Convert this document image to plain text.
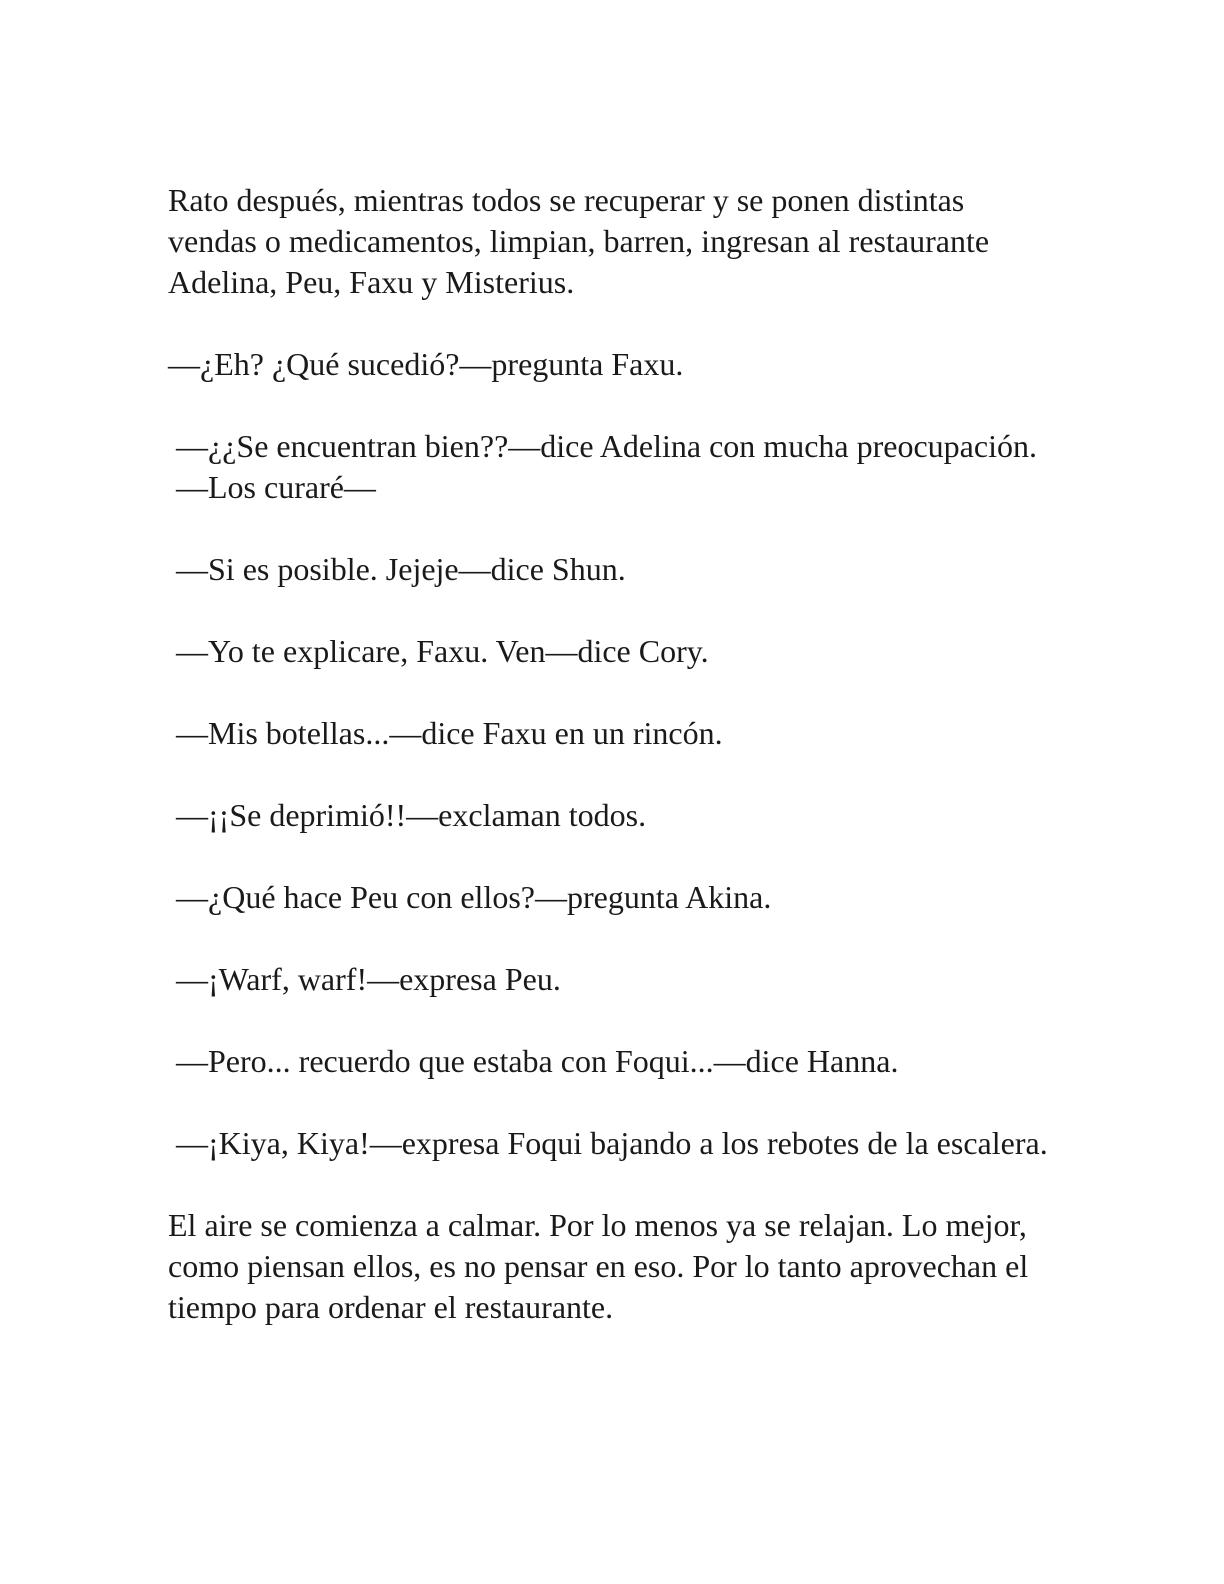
Rato después, mientras todos se recuperar y se ponen distintas vendas o medicamentos, limpian, barren, ingresan al restaurante Adelina, Peu, Faxu y Misterius.

—¿Eh? ¿Qué sucedió?—pregunta Faxu.

—¿¿Se encuentran bien??—dice Adelina con mucha preocupación.—Los curaré—

—Si es posible. Jejeje—dice Shun.

—Yo te explicare, Faxu. Ven—dice Cory.

—Mis botellas...—dice Faxu en un rincón.

—¡¡Se deprimió!!—exclaman todos.

—¿Qué hace Peu con ellos?—pregunta Akina.

—¡Warf, warf!—expresa Peu.

—Pero... recuerdo que estaba con Foqui...—dice Hanna.

—¡Kiya, Kiya!—expresa Foqui bajando a los rebotes de la escalera.

El aire se comienza a calmar. Por lo menos ya se relajan. Lo mejor, como piensan ellos, es no pensar en eso. Por lo tanto aprovechan el tiempo para ordenar el restaurante.
